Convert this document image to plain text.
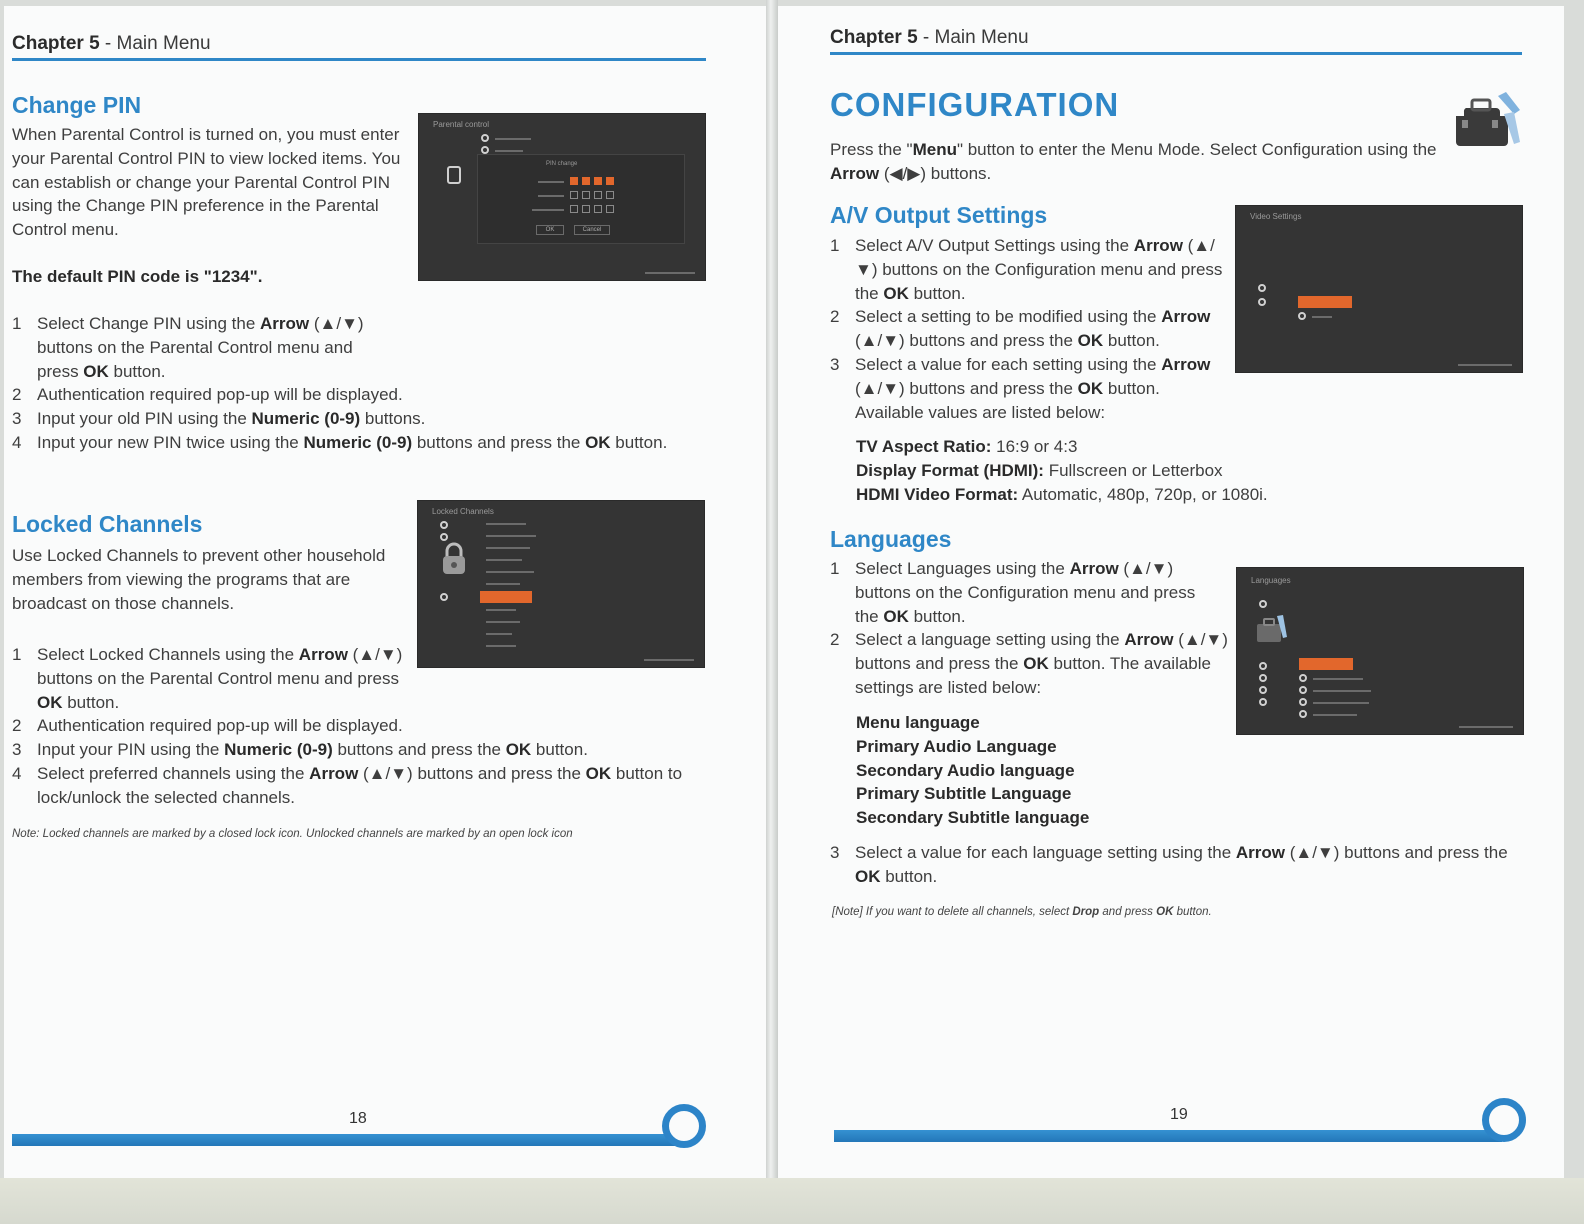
Chapter 5 - Main Menu
Change PIN
When Parental Control is turned on, you must enter your Parental Control PIN to view locked items. You can establish or change your Parental Control PIN using the Change PIN preference in the Parental Control menu.
The default PIN code is "1234".
Parental control
PIN change
OK	Cancel
1 Select Change PIN using the Arrow (▲/▼) buttons on the Parental Control menu and press OK button.
2 Authentication required pop-up will be displayed.
3 Input your old PIN using the Numeric (0-9) buttons.
4 Input your new PIN twice using the Numeric (0-9) buttons and press the OK button.
Locked Channels
Use Locked Channels to prevent other household members from viewing the programs that are broadcast on those channels.
Locked Channels
1 Select Locked Channels using the Arrow (▲/▼) buttons on the Parental Control menu and press OK button.
2 Authentication required pop-up will be displayed.
3 Input your PIN using the Numeric (0-9) buttons and press the OK button.
4 Select preferred channels using the Arrow (▲/▼) buttons and press the OK button to lock/unlock the selected channels.
Note: Locked channels are marked by a closed lock icon. Unlocked channels are marked by an open lock icon
18
Chapter 5 - Main Menu
CONFIGURATION
Press the "Menu" button to enter the Menu Mode. Select Configuration using the Arrow (◀/▶) buttons.
A/V Output Settings
1 Select A/V Output Settings using the Arrow (▲/▼) buttons on the Configuration menu and press the OK button.
2 Select a setting to be modified using the Arrow (▲/▼) buttons and press the OK button.
3 Select a value for each setting using the Arrow (▲/▼) buttons and press the OK button. Available values are listed below:
Video Settings
TV Aspect Ratio: 16:9 or 4:3
Display Format (HDMI): Fullscreen or Letterbox
HDMI Video Format: Automatic, 480p, 720p, or 1080i.
Languages
1 Select Languages using the Arrow (▲/▼) buttons on the Configuration menu and press the OK button.
2 Select a language setting using the Arrow (▲/▼) buttons and press the OK button. The available settings are listed below:
Languages
Menu language
Primary Audio Language
Secondary Audio language
Primary Subtitle Language
Secondary Subtitle language
3 Select a value for each language setting using the Arrow (▲/▼) buttons and press the OK button.
[Note] If you want to delete all channels, select Drop and press OK button.
19
